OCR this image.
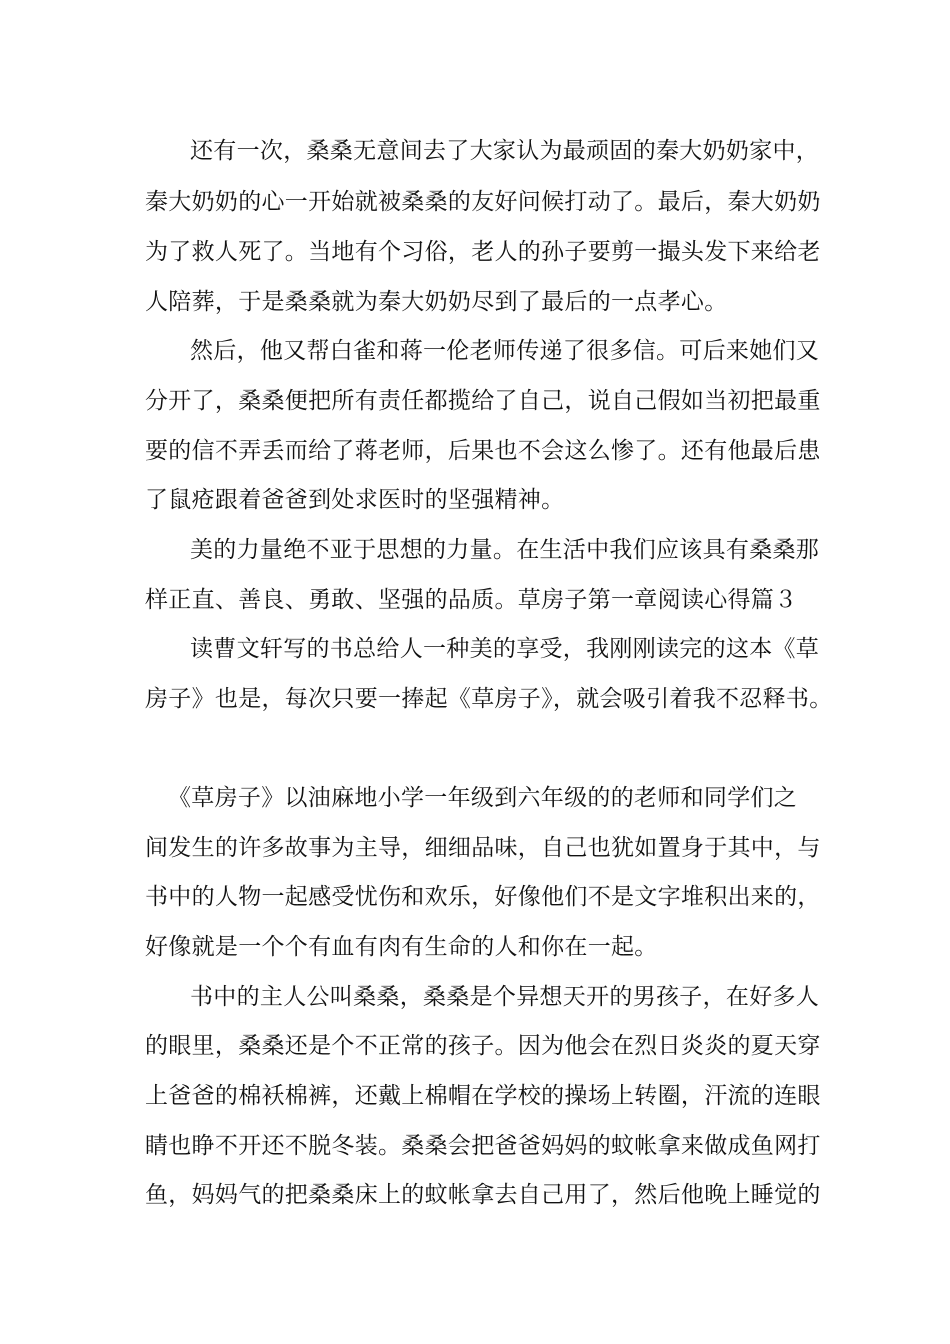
还有一次，桑桑无意间去了大家认为最顽固的秦大奶奶家中，
秦大奶奶的心一开始就被桑桑的友好问候打动了。最后，秦大奶奶
为了救人死了。当地有个习俗，老人的孙子要剪一撮头发下来给老
人陪葬，于是桑桑就为秦大奶奶尽到了最后的一点孝心。
然后，他又帮白雀和蒋一伦老师传递了很多信。可后来她们又
分开了，桑桑便把所有责任都揽给了自己，说自己假如当初把最重
要的信不弄丢而给了蒋老师，后果也不会这么惨了。还有他最后患
了鼠疮跟着爸爸到处求医时的坚强精神。
美的力量绝不亚于思想的力量。在生活中我们应该具有桑桑那
样正直、善良、勇敢、坚强的品质。草房子第一章阅读心得篇３
读曹文轩写的书总给人一种美的享受，我刚刚读完的这本《草
房子》也是，每次只要一捧起《草房子》，就会吸引着我不忍释书。
《草房子》以油麻地小学一年级到六年级的的老师和同学们之
间发生的许多故事为主导，细细品味，自己也犹如置身于其中，与
书中的人物一起感受忧伤和欢乐，好像他们不是文字堆积出来的，
好像就是一个个有血有肉有生命的人和你在一起。
书中的主人公叫桑桑，桑桑是个异想天开的男孩子，在好多人
的眼里，桑桑还是个不正常的孩子。因为他会在烈日炎炎的夏天穿
上爸爸的棉袄棉裤，还戴上棉帽在学校的操场上转圈，汗流的连眼
睛也睁不开还不脱冬装。桑桑会把爸爸妈妈的蚊帐拿来做成鱼网打
鱼，妈妈气的把桑桑床上的蚊帐拿去自己用了，然后他晚上睡觉的
